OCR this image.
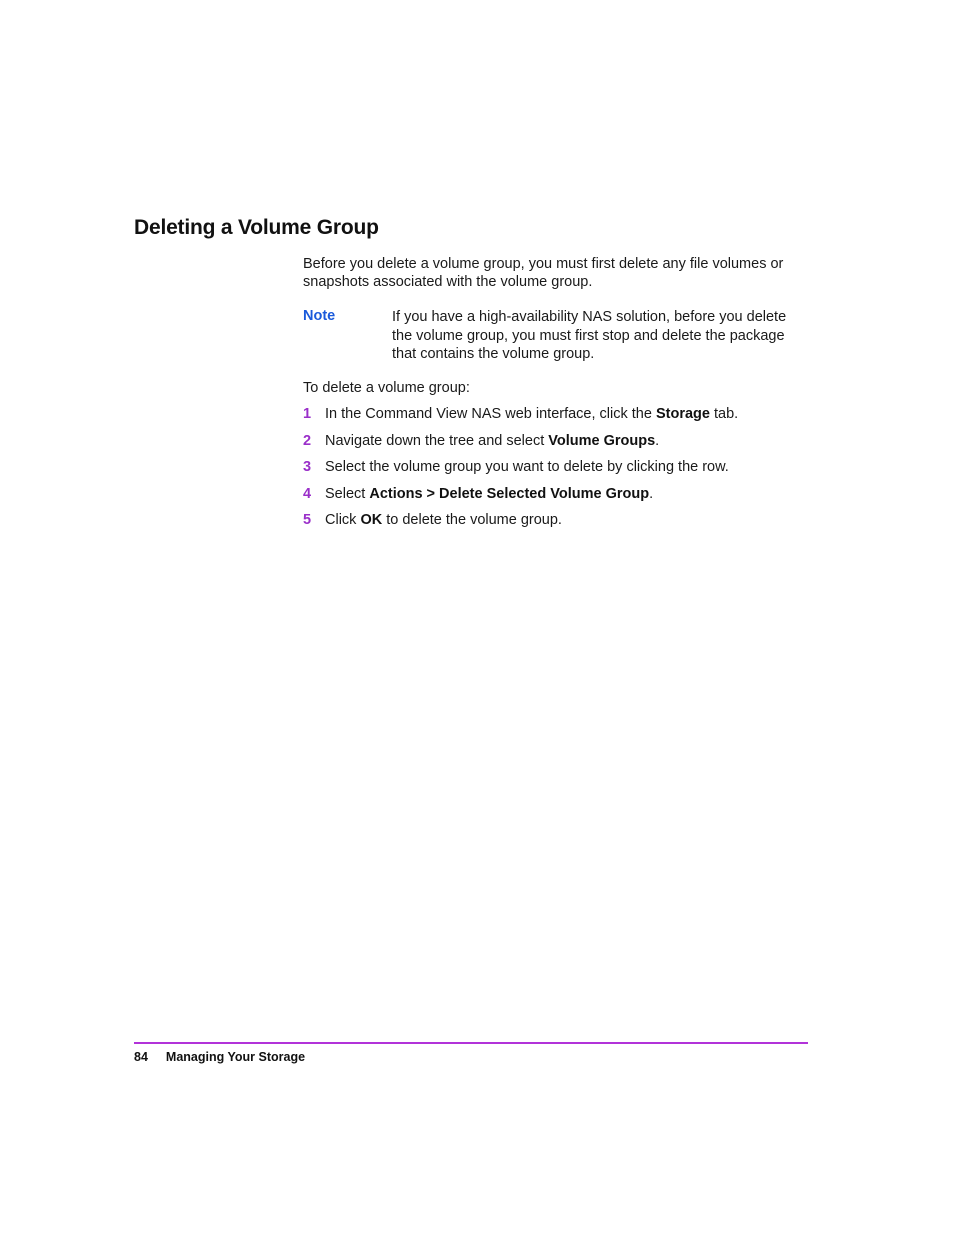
Deleting a Volume Group
Before you delete a volume group, you must first delete any file volumes or snapshots associated with the volume group.
Note	If you have a high-availability NAS solution, before you delete the volume group, you must first stop and delete the package that contains the volume group.
To delete a volume group:
1 In the Command View NAS web interface, click the Storage tab.
2 Navigate down the tree and select Volume Groups.
3 Select the volume group you want to delete by clicking the row.
4 Select Actions > Delete Selected Volume Group.
5 Click OK to delete the volume group.
84 Managing Your Storage
